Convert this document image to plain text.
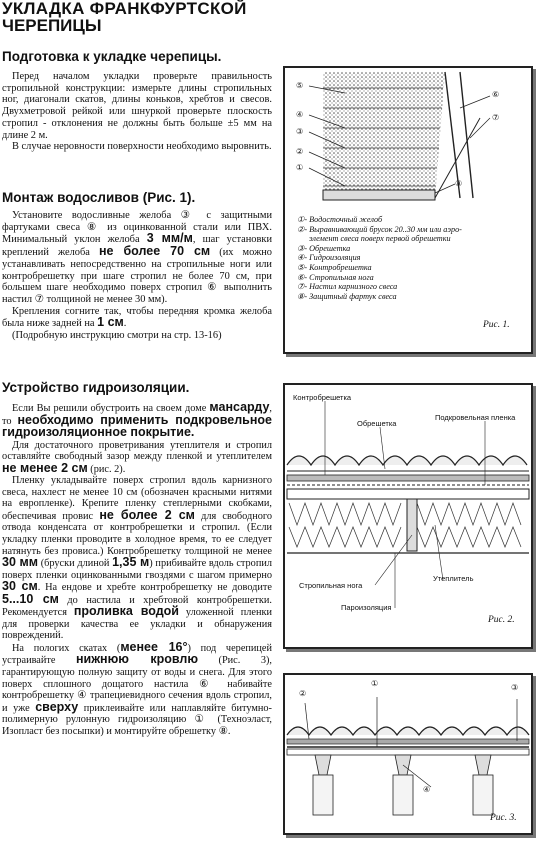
УКЛАДКА ФРАНКФУРТСКОЙ
ЧЕРЕПИЦЫ
Подготовка к укладке черепицы.

Перед началом укладки проверьте правильность стропильной конструкции: измерьте длины стропильных ног, диагонали скатов, длины коньков, хребтов и свесов. Двухметровой рейкой или шнуркой проверьте плоскость стропил - отклонения не должны быть больше ±5 мм на длине 2 м.

В случае неровности поверхности необходимо выровнить.

Монтаж водосливов (Рис. 1).

Установите водосливные желоба ③ с защитными фартуками свеса ⑧ из оцинкованной стали или ПВХ. Минимальный уклон желоба 3 мм/м, шаг установки креплений желоба не более 70 см (их можно устанавливать непосредственно на стропильные ноги или контробрешетку при шаге стропил не более 70 см, при большем шаге необходимо поверх стропил ⑥ выполнить настил ⑦ толщиной не менее 30 мм).

Крепления согните так, чтобы передняя кромка желоба была ниже задней на 1 см.

(Подробную инструкцию смотри на стр. 13-16)

Устройство гидроизоляции.

Если Вы решили обустроить на своем доме мансарду, то необходимо применить подкровельное гидроизоляционное покрытие.

Для достаточного проветривания утеплителя и стропил оставляйте свободный зазор между пленкой и утеплителем не менее 2 см (рис. 2).

Пленку укладывайте поверх стропил вдоль карнизного свеса, нахлест не менее 10 см (обозначен красными нитями на европленке). Крепите пленку степлерными скобками, обеспечивая провис не более 2 см для свободного отвода конденсата от контробрешетки и стропил. (Если укладку пленки проводите в холодное время, то ее следует натянуть без провиса.) Контробрешетку толщиной не менее 30 мм (бруски длиной 1,35 м) прибивайте вдоль стропил поверх пленки оцинкованными гвоздями с шагом примерно 30 см. На ендове и хребте контробрешетку не доводите 5...10 см до настила и хребтовой контробрешетки. Рекомендуется проливка водой уложенной пленки для проверки качества ее укладки и обнаружения повреждений.

На пологих скатах (менее 16°) под черепицей устраивайте нижнюю кровлю (Рис. 3), гарантирующую полную защиту от воды и снега. Для этого поверх сплошного дощатого настила ⑥ набивайте контробрешетку ④ трапециевидного сечения вдоль стропил, и уже сверху приклеивайте или наплавляйте битумно-полимерную рулонную гидроизоляцию ① (Техноэласт, Изопласт без посыпки) и монтируйте обрешетку ⑧.

⑤
④
③
②
①
⑥
⑦
⑧
①- Водосточный желоб
②- Выравнивающий брусок 20..30 мм или аэро-
элемент свеса поверх первой обрешетки
③- Обрешетка
④- Гидроизоляция
⑤- Контробрешетка
⑥- Стропильная нога
⑦- Настил карнизного свеса
⑧- Защитный фартук свеса
Рис. 1.
Контробрешетка
Обрешетка
Подкровельная пленка
Стропильная нога
Утеплитель
Пароизоляция
Рис. 2.
①
②
③
④
Рис. 3.
